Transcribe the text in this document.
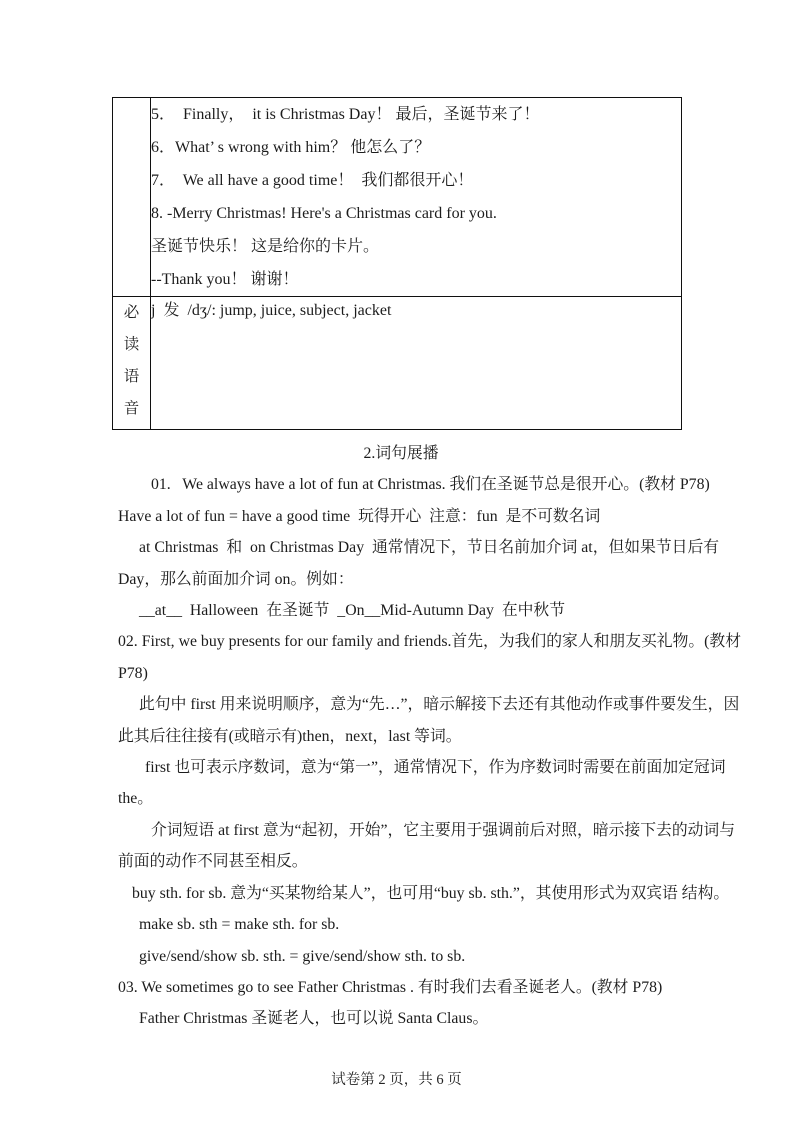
5．  Finally，  it is Christmas Day！ 最后，圣诞节来了！
6．What’ s wrong with him？ 他怎么了？
7．  We all have a good time！  我们都很开心！
8. -Merry Christmas! Here's a Christmas card for you.
圣诞节快乐！ 这是给你的卡片。
--Thank you！ 谢谢！

必
读
语
音	j  发  /dʒ/: jump, juice, subject, jacket
2.词句展播
01.   We always have a lot of fun at Christmas. 我们在圣诞节总是很开心。(教材 P78)
Have a lot of fun = have a good time  玩得开心  注意：fun  是不可数名词
at Christmas  和  on Christmas Day  通常情况下，节日名前加介词 at，但如果节日后有
Day，那么前面加介词 on。例如：
__at__  Halloween  在圣诞节  _On__Mid-Autumn Day  在中秋节
02. First, we buy presents for our family and friends.首先，为我们的家人和朋友买礼物。(教材
P78)
此句中 first 用来说明顺序，意为“先…”，暗示解接下去还有其他动作或事件要发生，因
此其后往往接有(或暗示有)then，next，last 等词。
first 也可表示序数词，意为“第一”，通常情况下，作为序数词时需要在前面加定冠词
the。
介词短语 at first 意为“起初，开始”，它主要用于强调前后对照，暗示接下去的动词与
前面的动作不同甚至相反。
buy sth. for sb. 意为“买某物给某人”，也可用“buy sb. sth.”，其使用形式为双宾语 结构。
make sb. sth = make sth. for sb.
give/send/show sb. sth. = give/send/show sth. to sb.
03. We sometimes go to see Father Christmas . 有时我们去看圣诞老人。(教材 P78)
Father Christmas 圣诞老人，也可以说 Santa Claus。
试卷第 2 页，共 6 页
